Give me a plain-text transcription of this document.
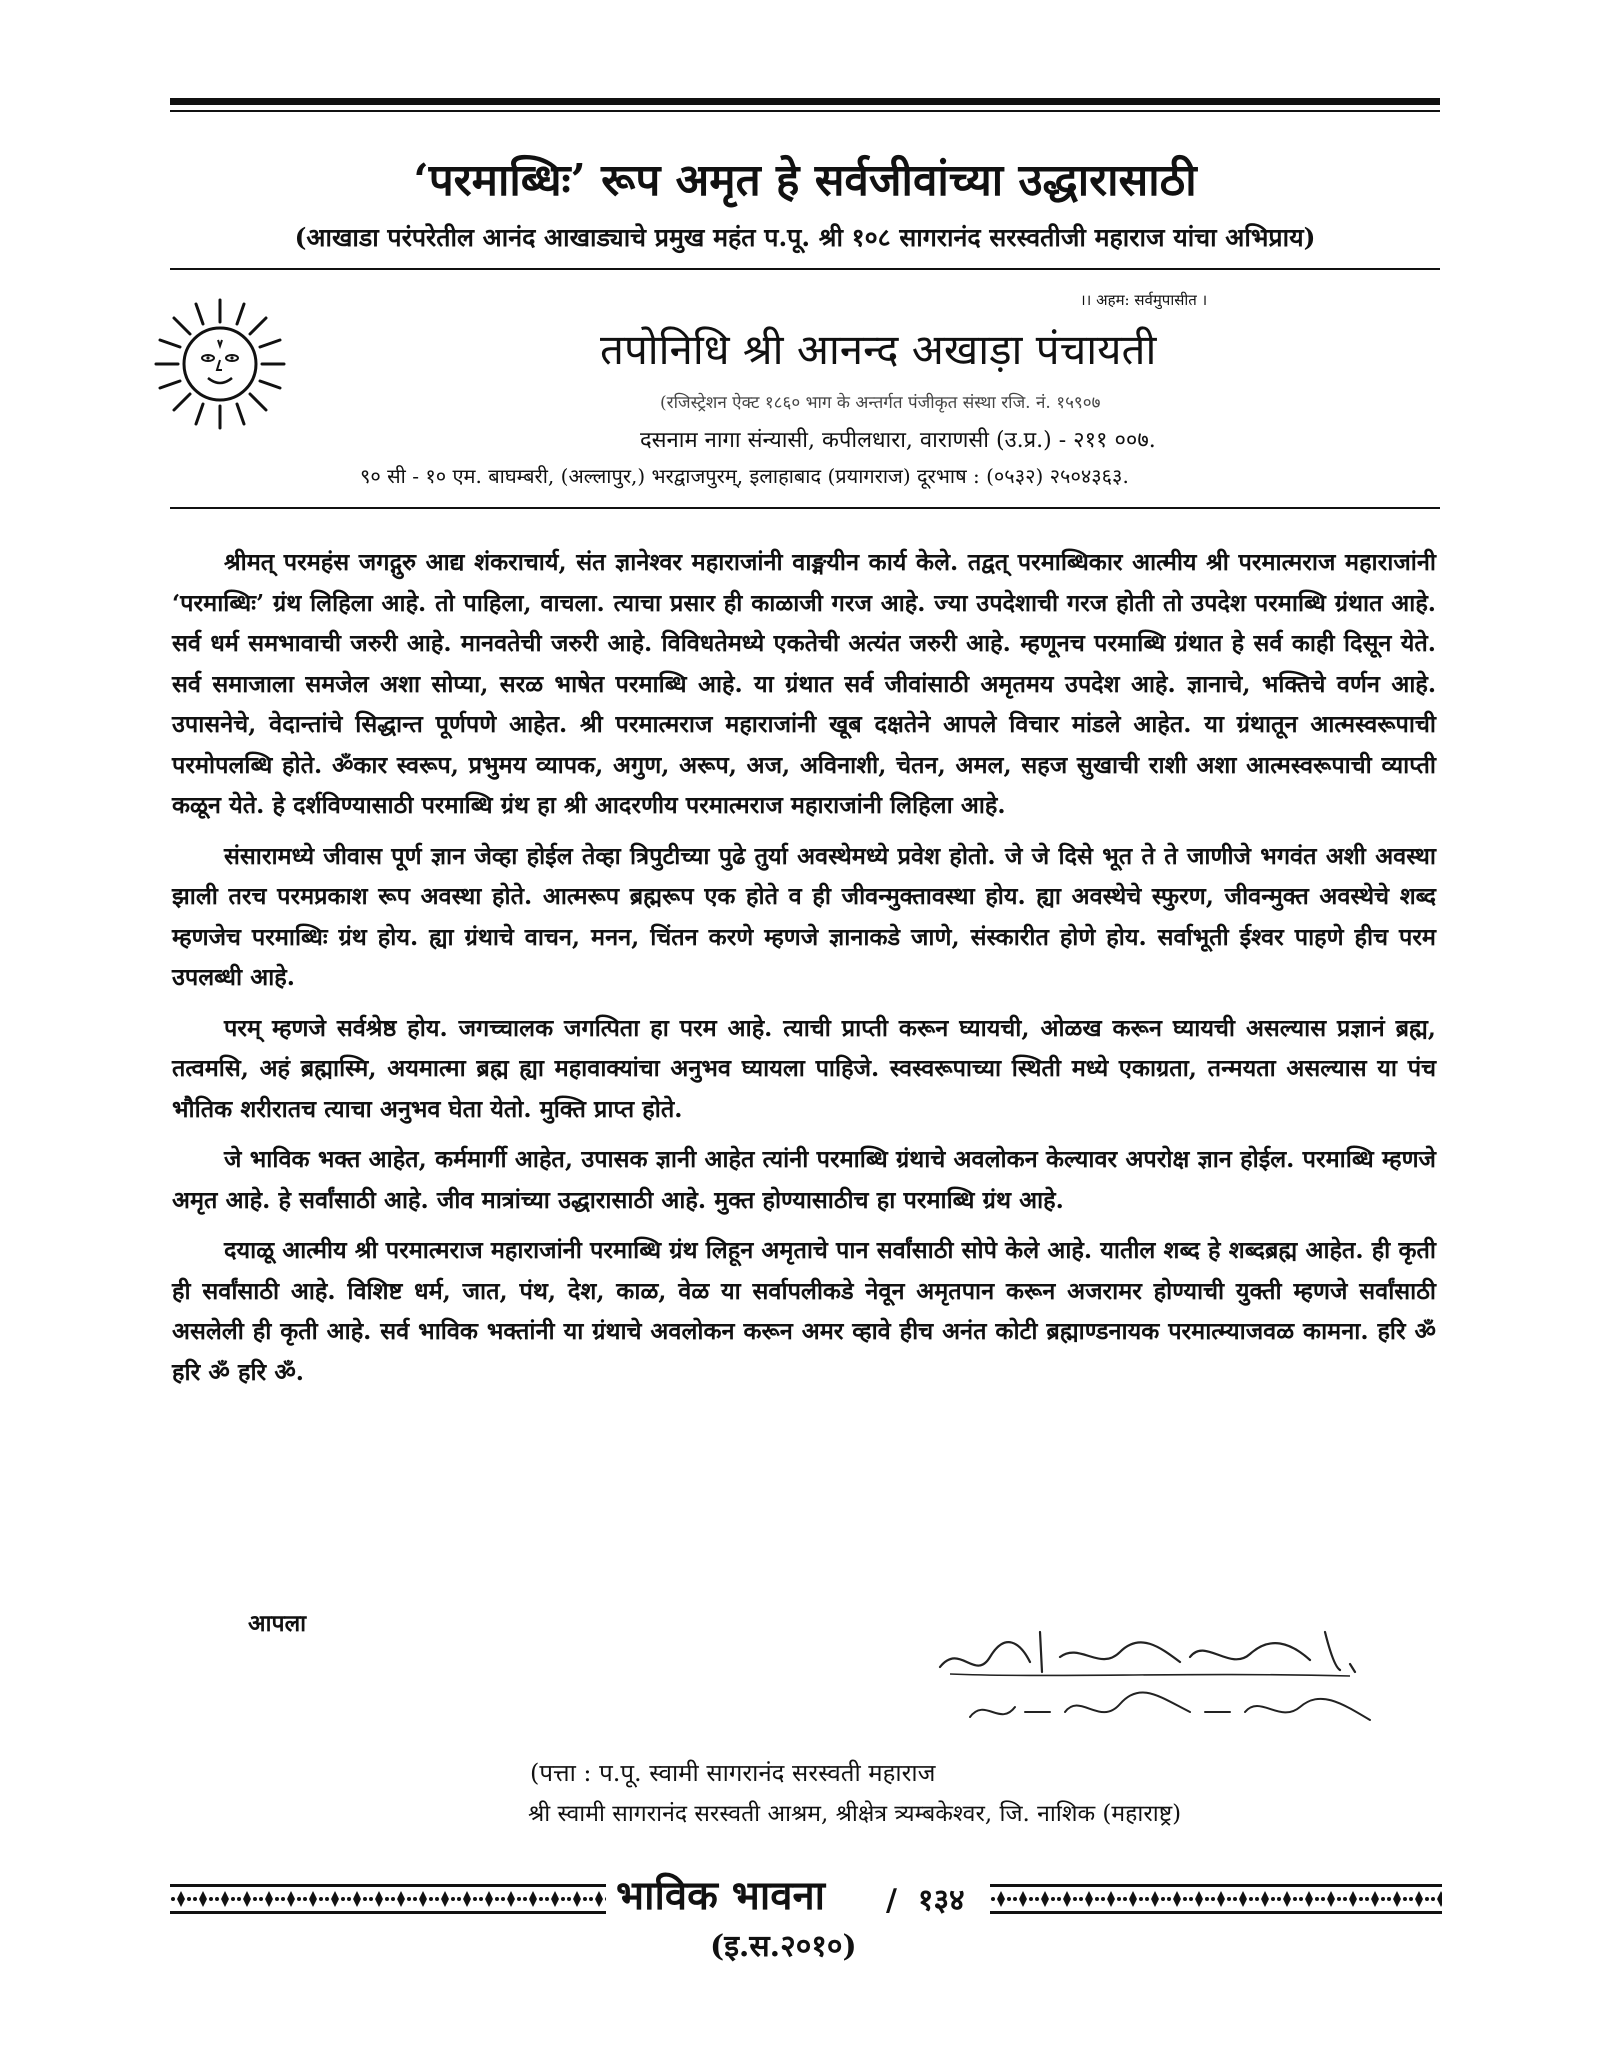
‘परमाब्धिः’ रूप अमृत हे सर्वजीवांच्या उद्धारासाठी
(आखाडा परंपरेतील आनंद आखाड्याचे प्रमुख महंत प.पू. श्री १०८ सागरानंद सरस्वतीजी महाराज यांचा अभिप्राय)
।। अहम: सर्वमुपासीत ।
तपोनिधि श्री आनन्द अखाड़ा पंचायती
(रजिस्ट्रेशन ऐक्ट १८६० भाग के अन्तर्गत पंजीकृत संस्था रजि. नं. १५९०७
दसनाम नागा संन्यासी, कपीलधारा, वाराणसी (उ.प्र.) - २११ ००७.
९० सी - १० एम. बाघम्बरी, (अल्लापुर,) भरद्वाजपुरम्, इलाहाबाद (प्रयागराज) दूरभाष : (०५३२) २५०४३६३.

श्रीमत् परमहंस जगद्गुरु आद्य शंकराचार्य, संत ज्ञानेश्वर महाराजांनी वाङ्मयीन कार्य केले. तद्वत् परमाब्धिकार आत्मीय श्री परमात्मराज महाराजांनी ‘परमाब्धिः’ ग्रंथ लिहिला आहे. तो पाहिला, वाचला. त्याचा प्रसार ही काळाजी गरज आहे. ज्या उपदेशाची गरज होती तो उपदेश परमाब्धि ग्रंथात आहे. सर्व धर्म समभावाची जरुरी आहे. मानवतेची जरुरी आहे. विविधतेमध्ये एकतेची अत्यंत जरुरी आहे. म्हणूनच परमाब्धि ग्रंथात हे सर्व काही दिसून येते. सर्व समाजाला समजेल अशा सोप्या, सरळ भाषेत परमाब्धि आहे. या ग्रंथात सर्व जीवांसाठी अमृतमय उपदेश आहे. ज्ञानाचे, भक्तिचे वर्णन आहे. उपासनेचे, वेदान्तांचे सिद्धान्त पूर्णपणे आहेत. श्री परमात्मराज महाराजांनी खूब दक्षतेने आपले विचार मांडले आहेत. या ग्रंथातून आत्मस्वरूपाची परमोपलब्धि होते. ॐकार स्वरूप, प्रभुमय व्यापक, अगुण, अरूप, अज, अविनाशी, चेतन, अमल, सहज सुखाची राशी अशा आत्मस्वरूपाची व्याप्ती कळून येते. हे दर्शविण्यासाठी परमाब्धि ग्रंथ हा श्री आदरणीय परमात्मराज महाराजांनी लिहिला आहे.

संसारामध्ये जीवास पूर्ण ज्ञान जेव्हा होईल तेव्हा त्रिपुटीच्या पुढे तुर्या अवस्थेमध्ये प्रवेश होतो. जे जे दिसे भूत ते ते जाणीजे भगवंत अशी अवस्था झाली तरच परमप्रकाश रूप अवस्था होते. आत्मरूप ब्रह्मरूप एक होते व ही जीवन्मुक्तावस्था होय. ह्या अवस्थेचे स्फुरण, जीवन्मुक्त अवस्थेचे शब्द म्हणजेच परमाब्धिः ग्रंथ होय. ह्या ग्रंथाचे वाचन, मनन, चिंतन करणे म्हणजे ज्ञानाकडे जाणे, संस्कारीत होणे होय. सर्वाभूती ईश्वर पाहणे हीच परम उपलब्धी आहे.

परम् म्हणजे सर्वश्रेष्ठ होय. जगच्चालक जगत्पिता हा परम आहे. त्याची प्राप्ती करून घ्यायची, ओळख करून घ्यायची असल्यास प्रज्ञानं ब्रह्म, तत्वमसि, अहं ब्रह्मास्मि, अयमात्मा ब्रह्म ह्या महावाक्यांचा अनुभव घ्यायला पाहिजे. स्वस्वरूपाच्या स्थिती मध्ये एकाग्रता, तन्मयता असल्यास या पंच भौतिक शरीरातच त्याचा अनुभव घेता येतो. मुक्ति प्राप्त होते.

जे भाविक भक्त आहेत, कर्ममार्गी आहेत, उपासक ज्ञानी आहेत त्यांनी परमाब्धि ग्रंथाचे अवलोकन केल्यावर अपरोक्ष ज्ञान होईल. परमाब्धि म्हणजे अमृत आहे. हे सर्वांसाठी आहे. जीव मात्रांच्या उद्धारासाठी आहे. मुक्त होण्यासाठीच हा परमाब्धि ग्रंथ आहे.

दयाळू आत्मीय श्री परमात्मराज महाराजांनी परमाब्धि ग्रंथ लिहून अमृताचे पान सर्वांसाठी सोपे केले आहे. यातील शब्द हे शब्दब्रह्म आहेत. ही कृती ही सर्वांसाठी आहे. विशिष्ट धर्म, जात, पंथ, देश, काळ, वेळ या सर्वापलीकडे नेवून अमृतपान करून अजरामर होण्याची युक्ती म्हणजे सर्वांसाठी असलेली ही कृती आहे. सर्व भाविक भक्तांनी या ग्रंथाचे अवलोकन करून अमर व्हावे हीच अनंत कोटी ब्रह्माण्डनायक परमात्म्याजवळ कामना. हरि ॐ हरि ॐ हरि ॐ.

आपला
(पत्ता : प.पू. स्वामी सागरानंद सरस्वती महाराज
श्री स्वामी सागरानंद सरस्वती आश्रम, श्रीक्षेत्र त्र्यम्बकेश्वर, जि. नाशिक (महाराष्ट्र)
भाविक भावना / १३४
(इ.स.२०१०)
